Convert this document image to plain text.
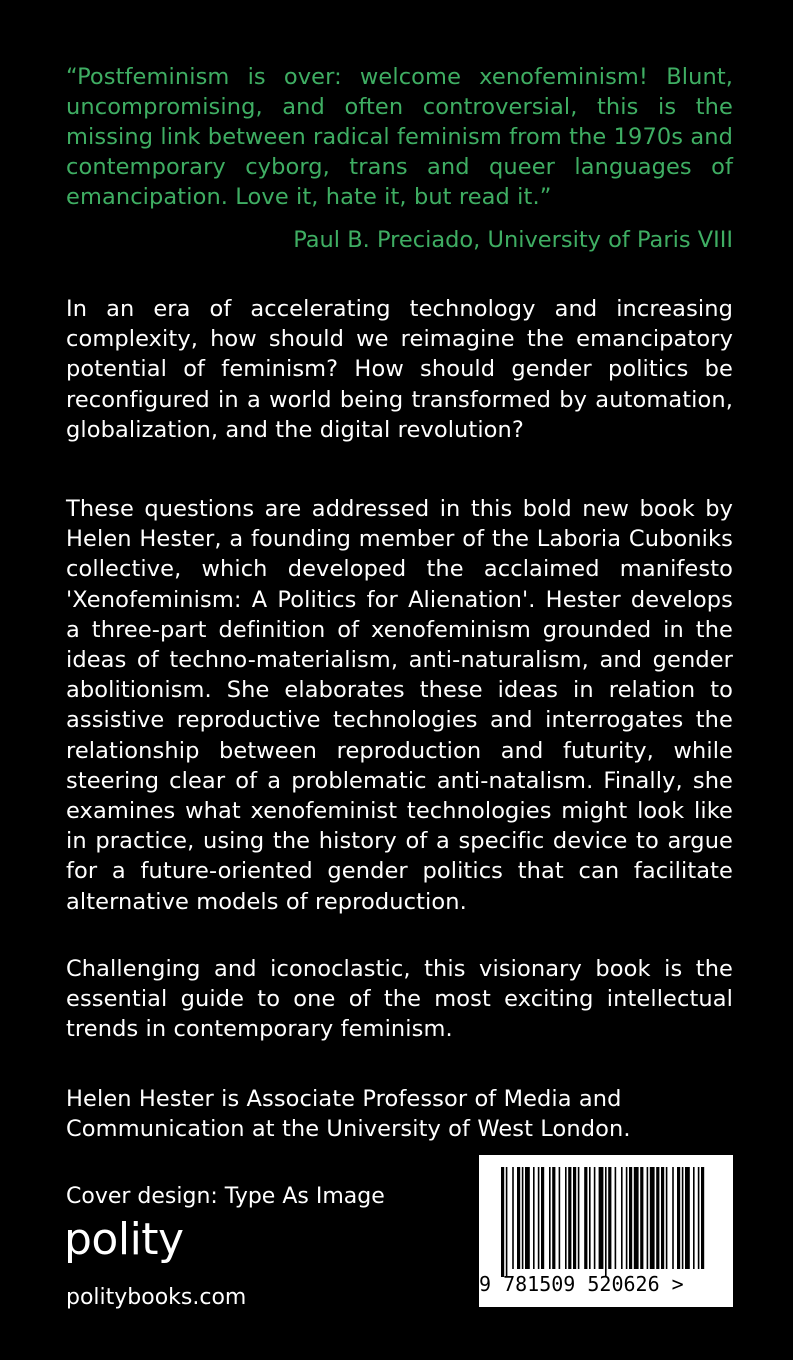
“Postfeminism is over: welcome xenofeminism! Blunt, uncompromising, and often controversial, this is the missing link between radical feminism from the 1970s and contemporary cyborg, trans and queer languages of emancipation. Love it, hate it, but read it.”
Paul B. Preciado, University of Paris VIII
In an era of accelerating technology and increasing complexity, how should we reimagine the emancipatory potential of feminism? How should gender politics be reconfigured in a world being transformed by automation, globalization, and the digital revolution?
These questions are addressed in this bold new book by Helen Hester, a founding member of the Laboria Cuboniks collective, which developed the acclaimed manifesto 'Xenofeminism: A Politics for Alienation'. Hester develops a three-part definition of xenofeminism grounded in the ideas of techno-materialism, anti-naturalism, and gender abolitionism. She elaborates these ideas in relation to assistive reproductive technologies and interrogates the relationship between reproduction and futurity, while steering clear of a problematic anti-natalism. Finally, she examines what xenofeminist technologies might look like in practice, using the history of a specific device to argue for a future-oriented gender politics that can facilitate alternative models of reproduction.
Challenging and iconoclastic, this visionary book is the essential guide to one of the most exciting intellectual trends in contemporary feminism.
Helen Hester is Associate Professor of Media and Communication at the University of West London.
Cover design: Type As Image
polity
politybooks.com
9 781509 520626 >
